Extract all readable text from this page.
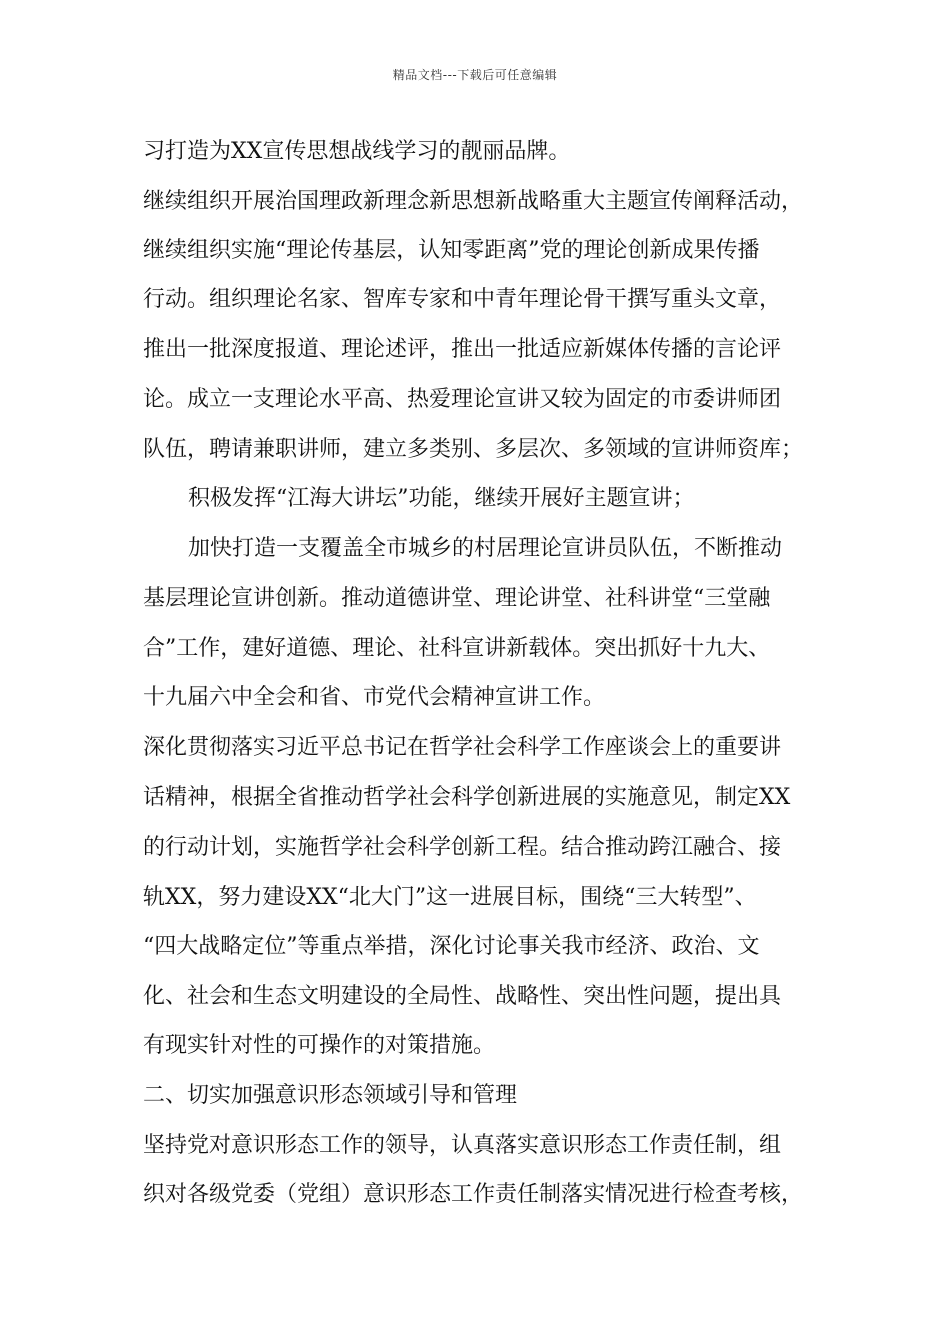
精品文档---下载后可任意编辑
习打造为XX宣传思想战线学习的靓丽品牌。
继续组织开展治国理政新理念新思想新战略重大主题宣传阐释活动，
继续组织实施“理论传基层，认知零距离”党的理论创新成果传播
行动。组织理论名家、智库专家和中青年理论骨干撰写重头文章，
推出一批深度报道、理论述评，推出一批适应新媒体传播的言论评
论。成立一支理论水平高、热爱理论宣讲又较为固定的市委讲师团
队伍，聘请兼职讲师，建立多类别、多层次、多领域的宣讲师资库；
积极发挥“江海大讲坛”功能，继续开展好主题宣讲；
加快打造一支覆盖全市城乡的村居理论宣讲员队伍，不断推动
基层理论宣讲创新。推动道德讲堂、理论讲堂、社科讲堂“三堂融
合”工作，建好道德、理论、社科宣讲新载体。突出抓好十九大、
十九届六中全会和省、市党代会精神宣讲工作。
深化贯彻落实习近平总书记在哲学社会科学工作座谈会上的重要讲
话精神，根据全省推动哲学社会科学创新进展的实施意见，制定XX
的行动计划，实施哲学社会科学创新工程。结合推动跨江融合、接
轨XX，努力建设XX“北大门”这一进展目标，围绕“三大转型”、
“四大战略定位”等重点举措，深化讨论事关我市经济、政治、文
化、社会和生态文明建设的全局性、战略性、突出性问题，提出具
有现实针对性的可操作的对策措施。
二、切实加强意识形态领域引导和管理
坚持党对意识形态工作的领导，认真落实意识形态工作责任制，组
织对各级党委（党组）意识形态工作责任制落实情况进行检查考核，
